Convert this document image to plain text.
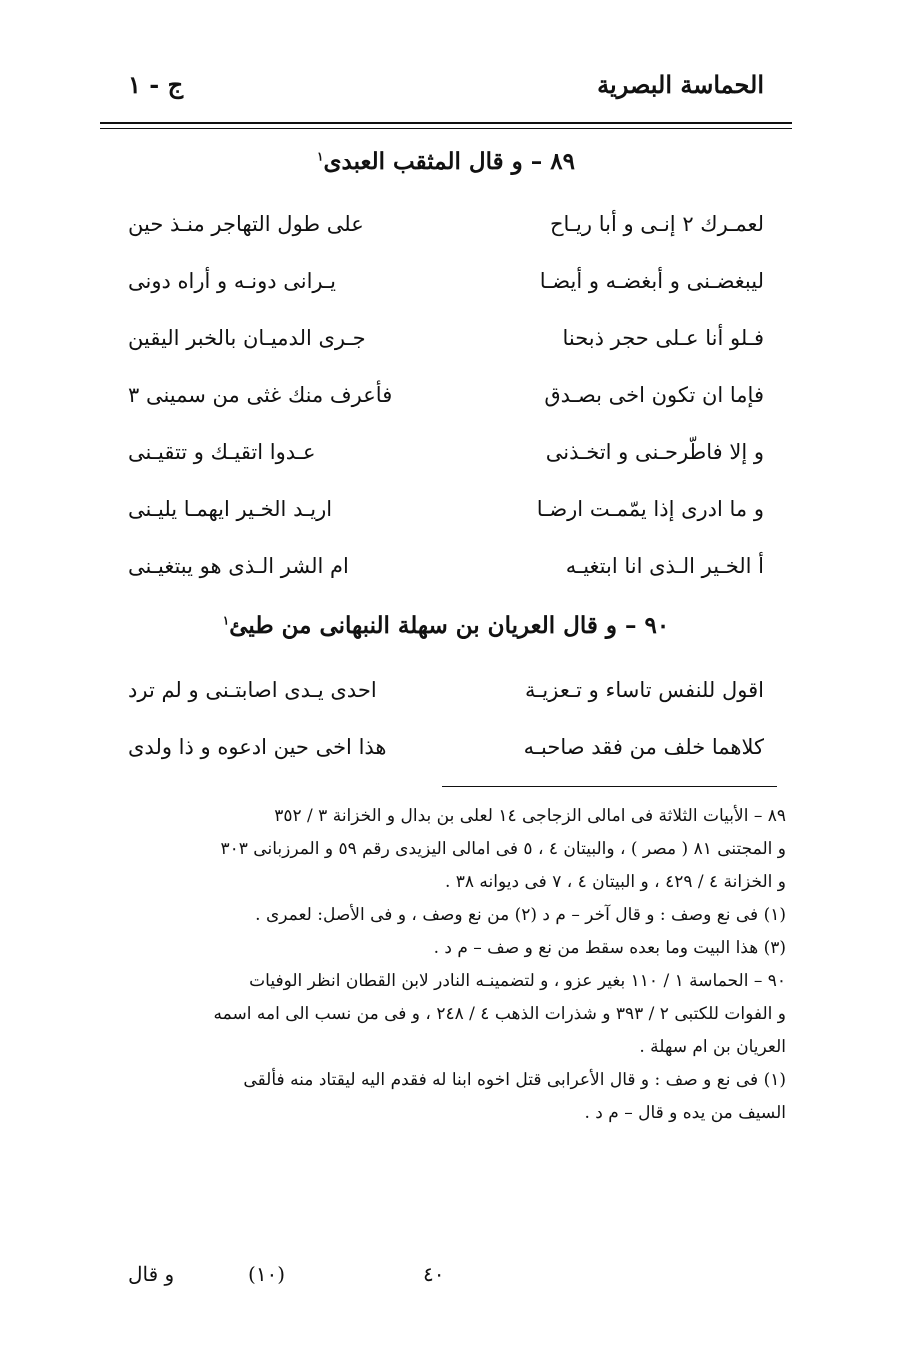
الحماسة البصرية
ج - ١
٨٩ – و قال المثقب العبدى$^١$
لعمـرك ٢ إنـى و أبا ريـاح
على طول التهاجر منـذ حين
ليبغضـنى و أبغضـه و أيضـا
يـرانى دونـه و أراه دونى
فـلو أنا عـلى حجر ذبحنا
جـرى الدميـان بالخبر اليقين
فإما ان تكون اخى بصـدق
فأعرف منك غثى من سمينى ٣
و إلا فاطّرحـنى و اتخـذنى
عـدوا اتقيـك و تتقيـنى
و ما ادرى إذا يمّمـت ارضـا
اريـد الخـير ايهمـا يليـنى
أ الخـير الـذى انا ابتغيـه
ام الشر الـذى هو يبتغيـنى
٩٠ – و قال العريان بن سهلة النبهانى من طيئ$^١$
اقول للنفس تاساء و تـعزيـة
احدى يـدى اصابتـنى و لم ترد
كلاهما خلف من فقد صاحبـه
هذا اخى حين ادعوه و ذا ولدى

٨٩ – الأبيات الثلاثة فى امالى الزجاجى ١٤ لعلى بن بدال و الخزانة ٣ / ٣٥٢

و المجتنى ٨١ ( مصر ) ، والبيتان ٤ ، ٥ فى امالى اليزيدى رقم ٥٩ و المرزبانى ٣٠٣

و الخزانة ٤ / ٤٢٩ ، و البيتان ٤ ، ٧ فى ديوانه ٣٨ .

(١) فى نع وصف : و قال آخر – م د (٢) من نع وصف ، و فى الأصل: لعمرى .

(٣) هذا البيت وما بعده سقط من نع و صف – م د .

٩٠ – الحماسة ١ / ١١٠ بغير عزو ، و لتضمينـه النادر لابن القطان انظر الوفيات

و الفوات للكتبى ٢ / ٣٩٣ و شذرات الذهب ٤ / ٢٤٨ ، و فى من نسب الى امه اسمه

العريان بن ام سهلة .

(١) فى نع و صف : و قال الأعرابى قتل اخوه ابنا له فقدم اليه ليقتاد منه فألقى

السيف من يده و قال – م د .

و قال	(١٠)	٤٠
